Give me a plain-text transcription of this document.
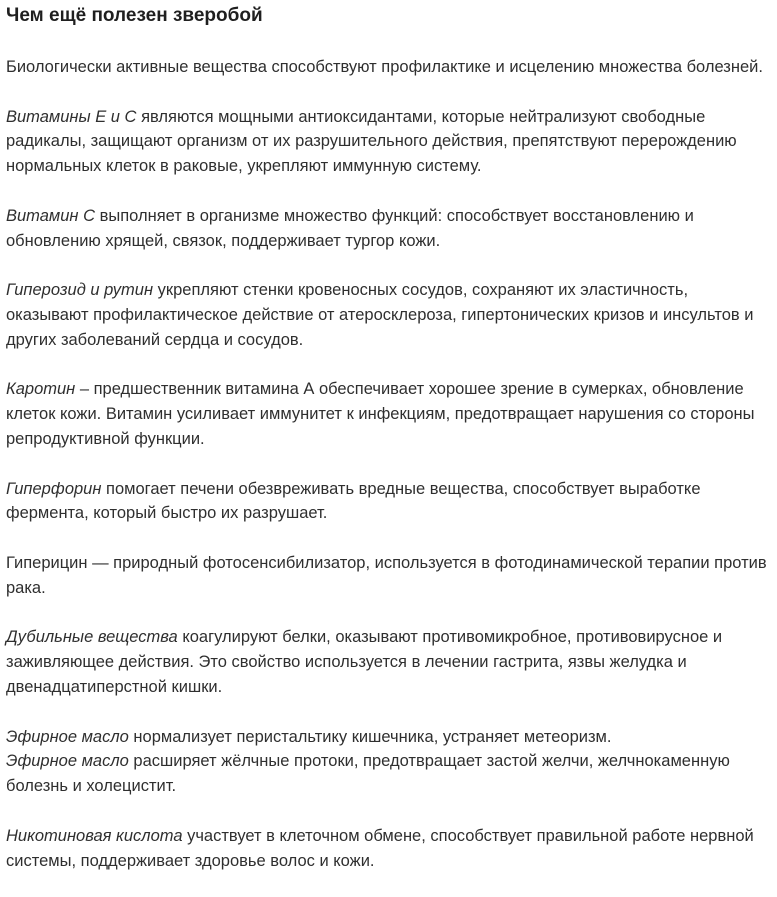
Чем ещё полезен зверобой

Биологически активные вещества способствуют профилактике и исцелению множества болезней.

Витамины Е и С являются мощными антиоксидантами, которые нейтрализуют свободные радикалы, защищают организм от их разрушительного действия, препятствуют перерождению нормальных клеток в раковые, укрепляют иммунную систему.

Витамин С выполняет в организме множество функций: способствует восстановлению и обновлению хрящей, связок, поддерживает тургор кожи.

Гиперозид и рутин укрепляют стенки кровеносных сосудов, сохраняют их эластичность, оказывают профилактическое действие от атеросклероза, гипертонических кризов и инсультов и других заболеваний сердца и сосудов.

Каротин – предшественник витамина А обеспечивает хорошее зрение в сумерках, обновление клеток кожи. Витамин усиливает иммунитет к инфекциям, предотвращает нарушения со стороны репродуктивной функции.

Гиперфорин помогает печени обезвреживать вредные вещества, способствует выработке фермента, который быстро их разрушает.

Гиперицин — природный фотосенсибилизатор, используется в фотодинамической терапии против рака.

Дубильные вещества коагулируют белки, оказывают противомикробное, противовирусное и заживляющее действия. Это свойство используется в лечении гастрита, язвы желудка и двенадцатиперстной кишки.

Эфирное масло нормализует перистальтику кишечника, устраняет метеоризм.

Эфирное масло расширяет жёлчные протоки, предотвращает застой желчи, желчнокаменную болезнь и холецистит.

Никотиновая кислота участвует в клеточном обмене, способствует правильной работе нервной системы, поддерживает здоровье волос и кожи.
